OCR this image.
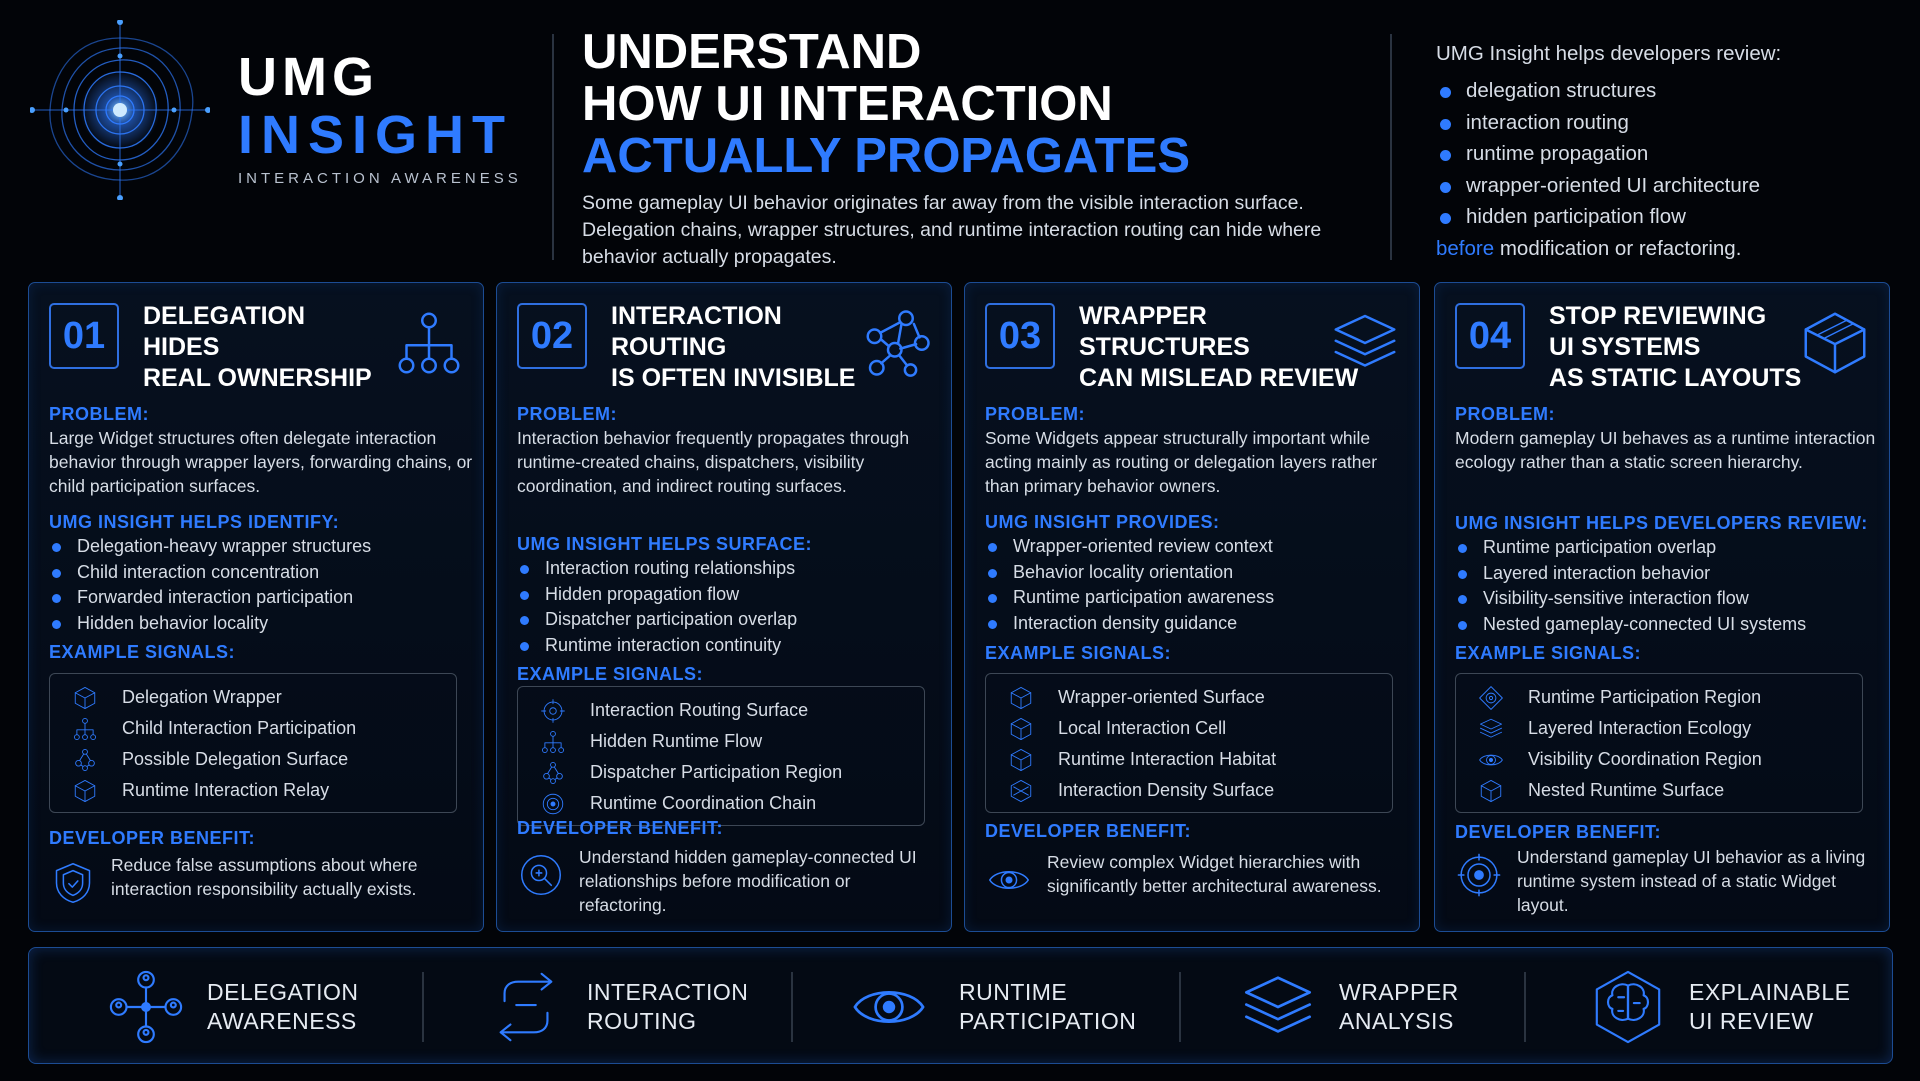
UMG
INSIGHT
INTERACTION AWARENESS
UNDERSTAND
HOW UI INTERACTION
ACTUALLY PROPAGATES
Some gameplay UI behavior originates far away from the visible interaction surface. Delegation chains, wrapper structures, and runtime interaction routing can hide where behavior actually propagates.
UMG Insight helps developers review:
delegation structures
interaction routing
runtime propagation
wrapper-oriented UI architecture
hidden participation flow
before modification or refactoring.
01	DELEGATION
HIDES
REAL OWNERSHIP
PROBLEM:
Large Widget structures often delegate interaction behavior through wrapper layers, forwarding chains, or child participation surfaces.
UMG INSIGHT HELPS IDENTIFY:
Delegation-heavy wrapper structures
Child interaction concentration
Forwarded interaction participation
Hidden behavior locality
EXAMPLE SIGNALS:
Delegation Wrapper
Child Interaction Participation
Possible Delegation Surface
Runtime Interaction Relay
DEVELOPER BENEFIT:
Reduce false assumptions about where interaction responsibility actually exists.
02	INTERACTION
ROUTING
IS OFTEN INVISIBLE
PROBLEM:
Interaction behavior frequently propagates through runtime-created chains, dispatchers, visibility coordination, and indirect routing surfaces.
UMG INSIGHT HELPS SURFACE:
Interaction routing relationships
Hidden propagation flow
Dispatcher participation overlap
Runtime interaction continuity
EXAMPLE SIGNALS:
Interaction Routing Surface
Hidden Runtime Flow
Dispatcher Participation Region
Runtime Coordination Chain
DEVELOPER BENEFIT:
Understand hidden gameplay-connected UI relationships before modification or refactoring.
03	WRAPPER
STRUCTURES
CAN MISLEAD REVIEW
PROBLEM:
Some Widgets appear structurally important while acting mainly as routing or delegation layers rather than primary behavior owners.
UMG INSIGHT PROVIDES:
Wrapper-oriented review context
Behavior locality orientation
Runtime participation awareness
Interaction density guidance
EXAMPLE SIGNALS:
Wrapper-oriented Surface
Local Interaction Cell
Runtime Interaction Habitat
Interaction Density Surface
DEVELOPER BENEFIT:
Review complex Widget hierarchies with significantly better architectural awareness.
04	STOP REVIEWING
UI SYSTEMS
AS STATIC LAYOUTS
PROBLEM:
Modern gameplay UI behaves as a runtime interaction ecology rather than a static screen hierarchy.
UMG INSIGHT HELPS DEVELOPERS REVIEW:
Runtime participation overlap
Layered interaction behavior
Visibility-sensitive interaction flow
Nested gameplay-connected UI systems
EXAMPLE SIGNALS:
Runtime Participation Region
Layered Interaction Ecology
Visibility Coordination Region
Nested Runtime Surface
DEVELOPER BENEFIT:
Understand gameplay UI behavior as a living runtime system instead of a static Widget layout.
DELEGATION
AWARENESS
INTERACTION
ROUTING
RUNTIME
PARTICIPATION
WRAPPER
ANALYSIS
EXPLAINABLE
UI REVIEW
